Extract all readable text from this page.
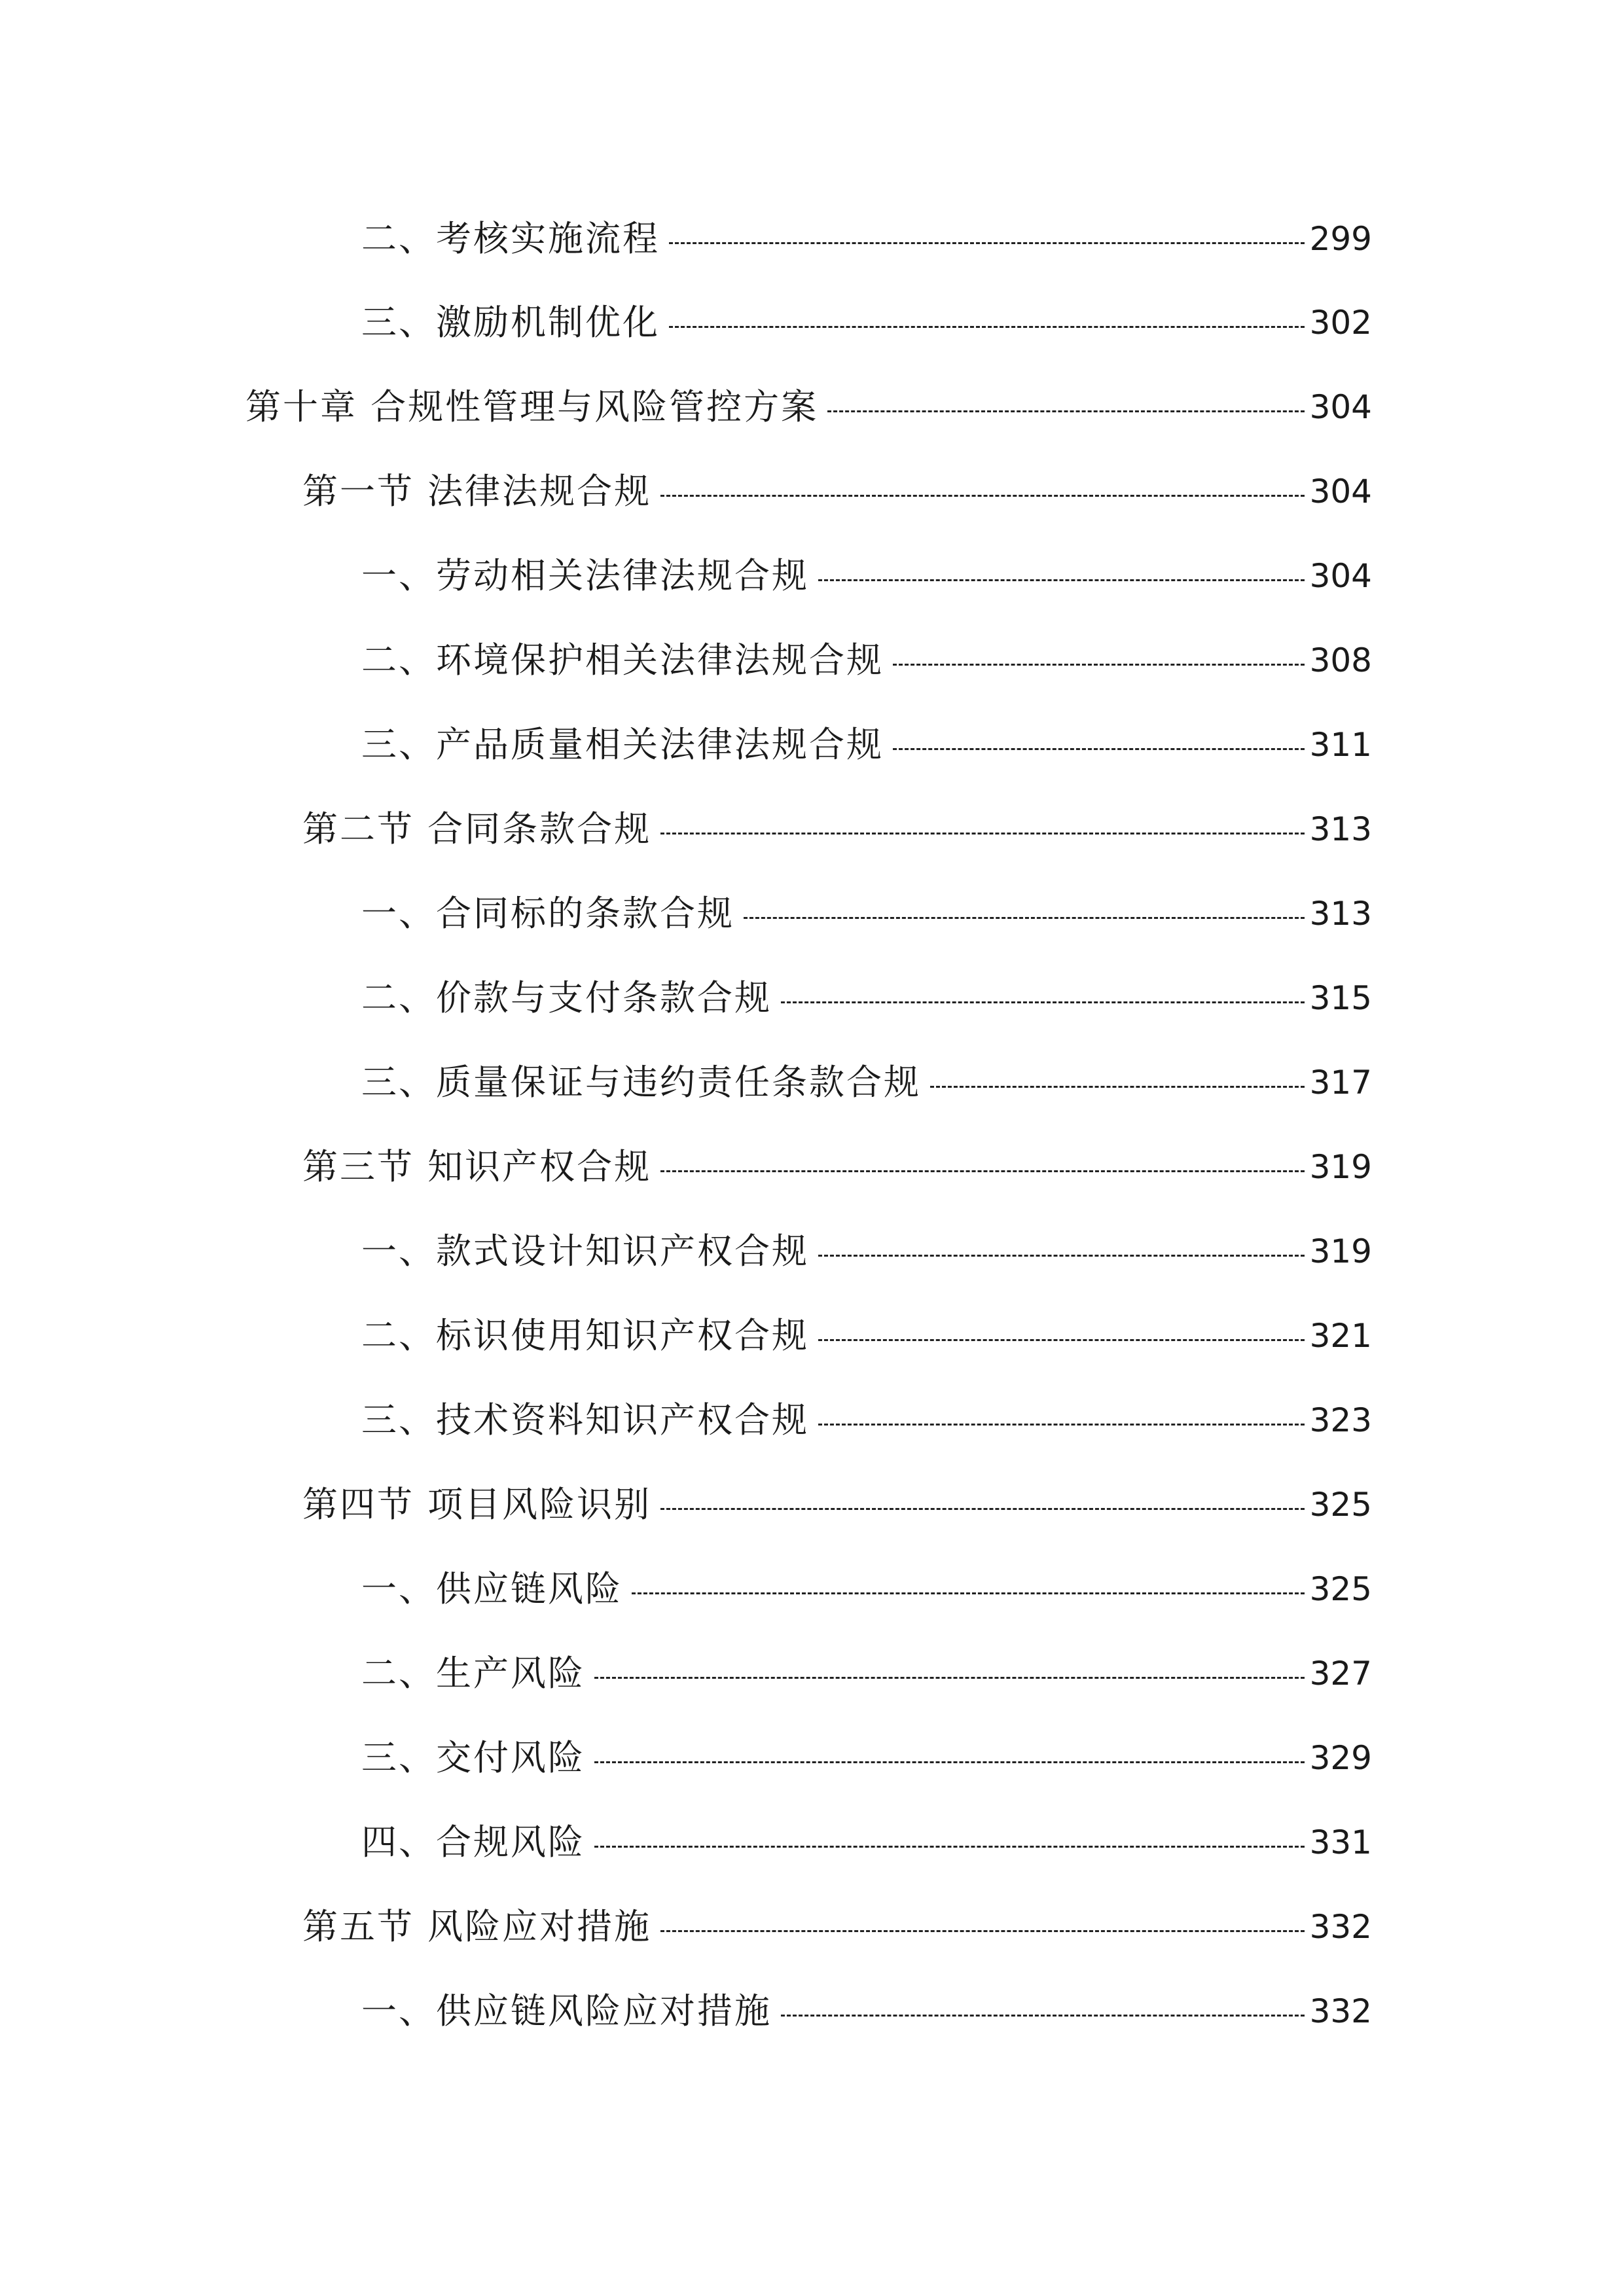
二、考核实施流程	299
三、激励机制优化	302
第十章 合规性管理与风险管控方案	304
第一节 法律法规合规	304
一、劳动相关法律法规合规	304
二、环境保护相关法律法规合规	308
三、产品质量相关法律法规合规	311
第二节 合同条款合规	313
一、合同标的条款合规	313
二、价款与支付条款合规	315
三、质量保证与违约责任条款合规	317
第三节 知识产权合规	319
一、款式设计知识产权合规	319
二、标识使用知识产权合规	321
三、技术资料知识产权合规	323
第四节 项目风险识别	325
一、供应链风险	325
二、生产风险	327
三、交付风险	329
四、合规风险	331
第五节 风险应对措施	332
一、供应链风险应对措施	332
